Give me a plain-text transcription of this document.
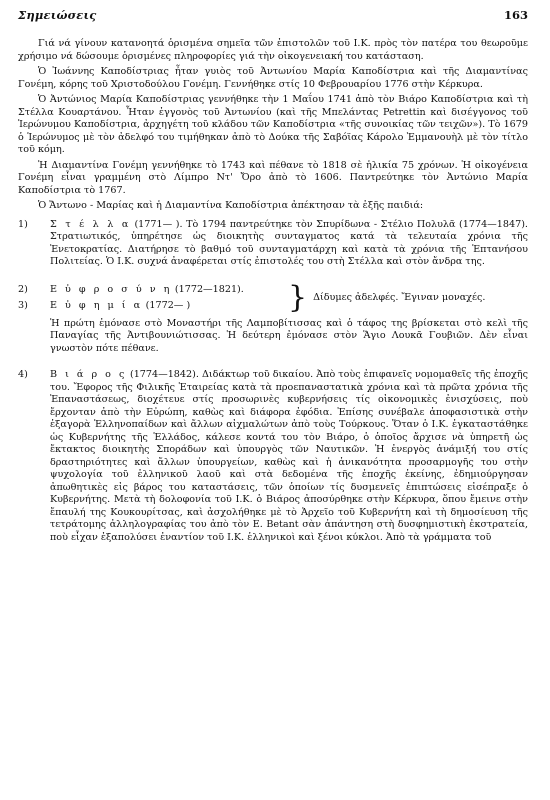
Σημειώσεις	163

Γιά νά γίνουν κατανοητά ὁρισμένα σημεῖα τῶν ἐπιστολῶν τοῦ Ι.Κ. πρὸς τὸν πατέρα του θεωροῦμε χρήσιμο νά δώσουμε ὁρισμένες πληροφορίες γιά τὴν οἰκογενειακή του κατάσταση.

Ὁ Ἰωάννης Καποδίστριας ἦταν γυιὸς τοῦ Ἀντωνίου Μαρία Καποδίστρια καὶ τῆς Διαμαντίνας Γονέμη, κόρης τοῦ Χριστοδούλου Γονέμη. Γεννήθηκε στίς 10 Φεβρουαρίου 1776 στὴν Κέρκυρα.

Ὁ Ἀντώνιος Μαρία Καποδίστριας γεννήθηκε τὴν 1 Μαΐου 1741 ἀπὸ τὸν Βιάρο Καποδίστρια καὶ τὴ Στέλλα Κουαρτάνου. Ἦταν ἐγγονὸς τοῦ Ἀντωνίου (καὶ τῆς Μπελάντας Petrettin καὶ δισέγγονος τοῦ Ἱερώνυμου Καποδίστρια, ἀρχηγέτη τοῦ κλάδου τῶν Καποδίστρια «τῆς συνοικίας τῶν τειχῶν»). Τὸ 1679 ὁ Ἱερώνυμος μὲ τὸν ἀδελφό του τιμήθηκαν ἀπὸ τὸ Δούκα τῆς Σαβόϊας Κάρολο Ἐμμανουὴλ μὲ τὸν τίτλο τοῦ κόμη.

Ἡ Διαμαντίνα Γονέμη γεννήθηκε τὸ 1743 καὶ πέθανε τὸ 1818 σὲ ἡλικία 75 χρόνων. Ἡ οἰκογένεια Γονέμη εἶναι γραμμένη στὸ Λίμπρο Ντ' Ὄρο ἀπὸ τὸ 1606. Παντρεύτηκε τὸν Ἀντώνιο Μαρία Καποδίστρια τὸ 1767.

Ὁ Ἄντωνο - Μαρίας καὶ ἡ Διαμαντίνα Καποδίστρια ἀπέκτησαν τὰ ἑξῆς παιδιά:

1)	Σ τ έ λ λ α (1771— ). Τὸ 1794 παντρεύτηκε τὸν Σπυρίδωνα - Στέλιο Πολυλᾶ (1774—1847). Στρατιωτικός, ὑπηρέτησε ὡς διοικητὴς συνταγματος κατά τὰ τελευταία χρόνια τῆς Ἐνετοκρατίας. Διατήρησε τὸ βαθμό τοῦ συνταγματάρχη καὶ κατὰ τὰ χρόνια τῆς Ἑπτανήσου Πολιτείας. Ὁ Ι.Κ. συχνά ἀναφέρεται στίς ἐπιστολές του στὴ Στέλλα καὶ στὸν ἄνδρα της.

2)	Ε ὐ φ ρ ο σ ύ ν η (1772—1821).
3)	Ε ὐ φ η μ ί α (1772— )	} Δίδυμες ἀδελφές. Ἔγιναν μοναχές.

Ἡ πρώτη ἐμόνασε στὸ Μοναστήρι τῆς Λαμποβίτισσας καὶ ὁ τάφος της βρίσκεται στὸ κελὶ τῆς Παναγίας τῆς Ἀντιβουνιώτισσας. Ἡ δεύτερη ἐμόνασε στὸν Ἅγιο Λουκᾶ Γουβιῶν. Δὲν εἶναι γνωστὸν πότε πέθανε.

4)	Β ι ά ρ ο ς (1774—1842). Διδάκτωρ τοῦ δικαίου. Ἀπὸ τοὺς ἐπιφανεῖς νομομαθεῖς τῆς ἐποχῆς του. Ἔφορος τῆς Φιλικῆς Ἑταιρείας κατὰ τὰ προεπαναστατικὰ χρόνια καὶ τὰ πρῶτα χρόνια τῆς Ἐπαναστάσεως, διοχέτευε στίς προσωρινὲς κυβερνήσεις τίς οἰκονομικὲς ἐνισχύσεις, ποὺ ἔρχονταν ἀπὸ τὴν Εὐρώπη, καθὼς καὶ διάφορα ἐφόδια. Ἐπίσης συνέβαλε ἀποφασιστικὰ στὴν ἐξαγορὰ Ἑλληνοπαίδων καὶ ἄλλων αἰχμαλώτων ἀπὸ τοὺς Τούρκους. Ὅταν ὁ Ι.Κ. ἐγκαταστάθηκε ὡς Κυβερνήτης τῆς Ἑλλάδος, κάλεσε κοντά του τὸν Βιάρο, ὁ ὁποῖος ἄρχισε νὰ ὑπηρετῆ ὡς ἔκτακτος διοικητὴς Σποράδων καὶ ὑπουργὸς τῶν Ναυτικῶν. Ἡ ἐνεργὸς ἀνάμιξή του στίς δραστηριότητες καὶ ἄλλων ὑπουργείων, καθὼς καὶ ἡ ἀνικανότητα προσαρμογῆς του στὴν ψυχολογία τοῦ ἑλληνικοῦ λαοῦ καὶ στὰ δεδομένα τῆς ἐποχῆς ἐκείνης, ἐδημιούργησαν ἀπωθητικὲς εἰς βάρος του καταστάσεις, τῶν ὁποίων τίς δυσμενεῖς ἐπιπτώσεις εἰσέπραξε ὁ Κυβερνήτης. Μετὰ τὴ δολοφονία τοῦ Ι.Κ. ὁ Βιάρος ἀποσύρθηκε στὴν Κέρκυρα, ὅπου ἔμεινε στὴν ἔπαυλή της Κουκουρίτσας, καὶ ἀσχολήθηκε μὲ τὸ Ἀρχεῖο τοῦ Κυβερνήτη καὶ τὴ δημοσίευση τῆς τετράτομης ἀλληλογραφίας του ἀπὸ τὸν E. Betant σὰν ἀπάντηση στὴ δυσφημιστικὴ ἐκστρατεία, ποὺ εἶχαν ἐξαπολύσει ἐναντίον τοῦ Ι.Κ. ἑλληνικοὶ καὶ ξένοι κύκλοι. Ἀπὸ τὰ γράμματα τοῦ
